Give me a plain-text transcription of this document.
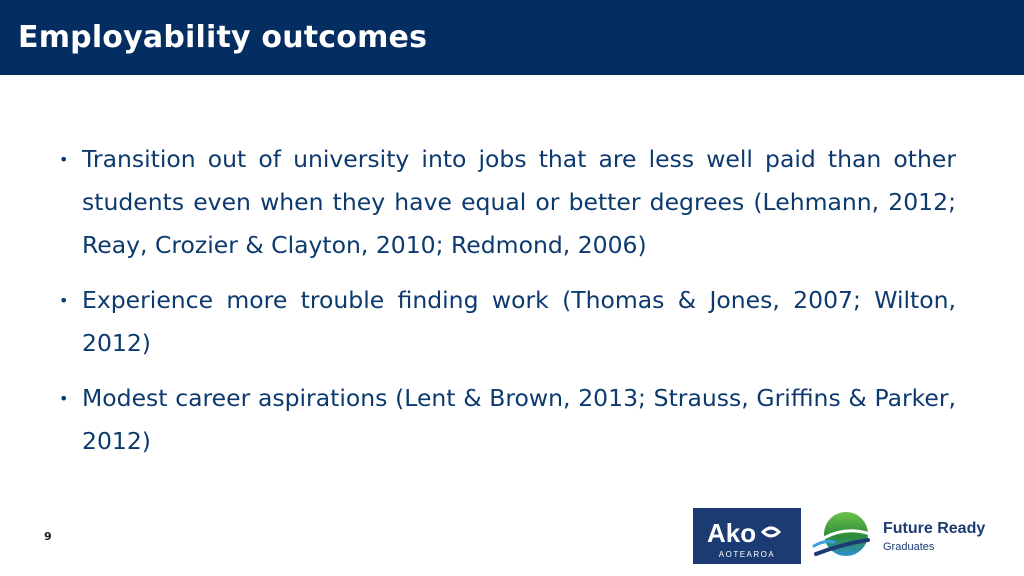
Employability outcomes
• Transition out of university into jobs that are less well paid than other students even when they have equal or better degrees (Lehmann, 2012; Reay, Crozier & Clayton, 2010; Redmond, 2006)
• Experience more trouble finding work (Thomas & Jones, 2007; Wilton, 2012)
• Modest career aspirations (Lent & Brown, 2013; Strauss, Griffins & Parker, 2012)
9	Ako
AOTEAROA
Future Ready
Graduates
